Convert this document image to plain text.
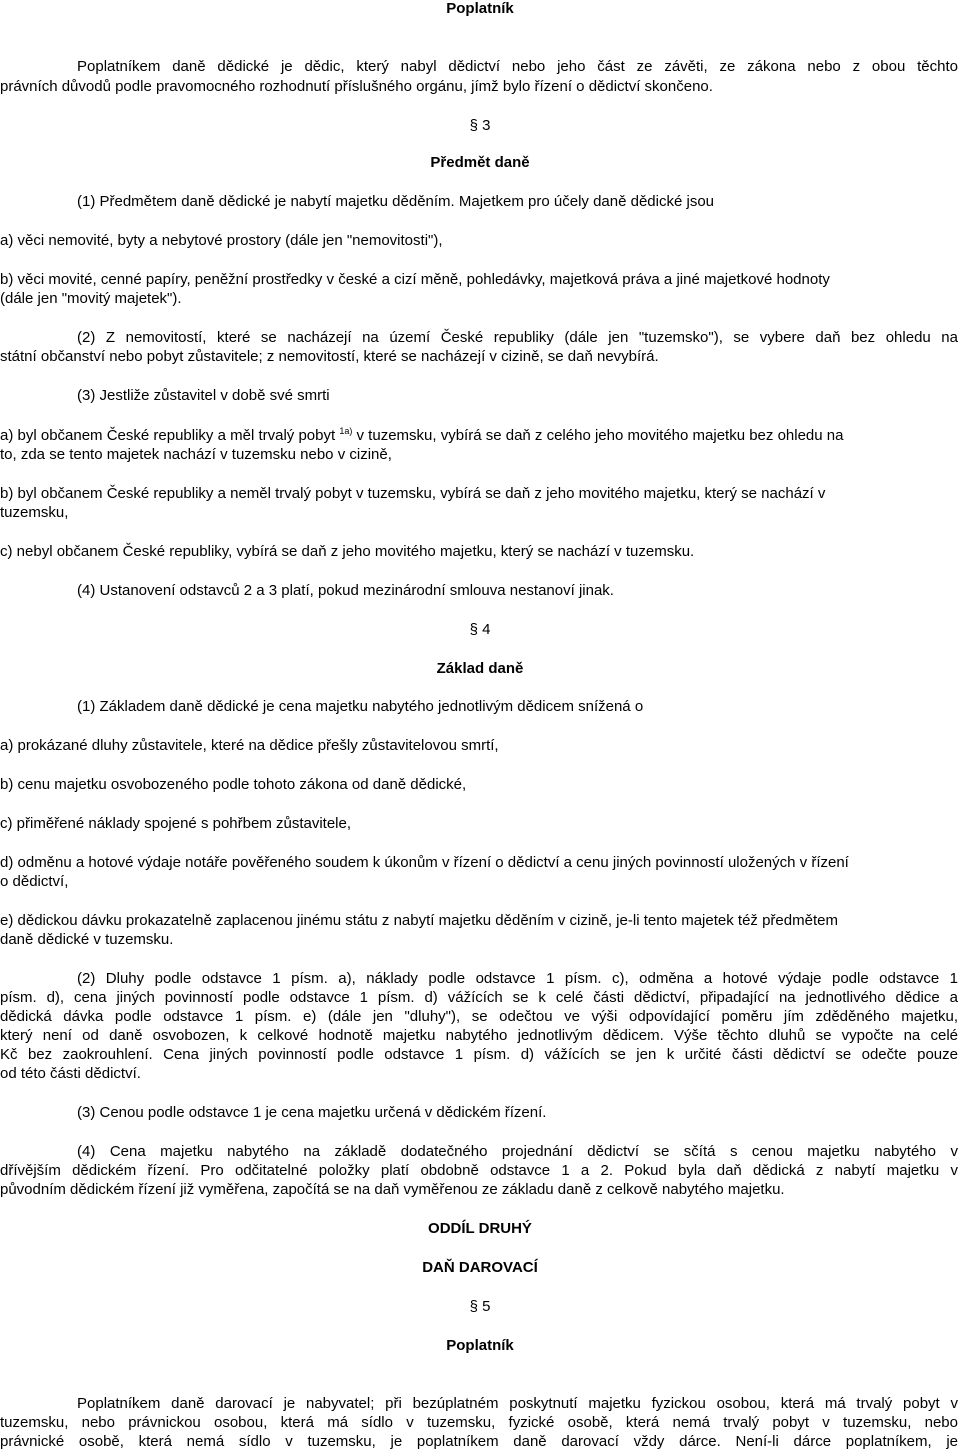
Poplatník
Poplatníkem daně dědické je dědic, který nabyl dědictví nebo jeho část ze závěti, ze zákona nebo z obou těchto
právních důvodů podle pravomocného rozhodnutí příslušného orgánu, jímž bylo řízení o dědictví skončeno.
§ 3
Předmět daně
(1) Předmětem daně dědické je nabytí majetku děděním. Majetkem pro účely daně dědické jsou
a) věci nemovité, byty a nebytové prostory (dále jen "nemovitosti"),
b) věci movité, cenné papíry, peněžní prostředky v české a cizí měně, pohledávky, majetková práva a jiné majetkové hodnoty
(dále jen "movitý majetek").
(2) Z nemovitostí, které se nacházejí na území České republiky (dále jen "tuzemsko"), se vybere daň bez ohledu na
státní občanství nebo pobyt zůstavitele; z nemovitostí, které se nacházejí v cizině, se daň nevybírá.
(3) Jestliže zůstavitel v době své smrti
a) byl občanem České republiky a měl trvalý pobyt $^{1a)}$ v tuzemsku, vybírá se daň z celého jeho movitého majetku bez ohledu na
to, zda se tento majetek nachází v tuzemsku nebo v cizině,
b) byl občanem České republiky a neměl trvalý pobyt v tuzemsku, vybírá se daň z jeho movitého majetku, který se nachází v
tuzemsku,
c) nebyl občanem České republiky, vybírá se daň z jeho movitého majetku, který se nachází v tuzemsku.
(4) Ustanovení odstavců 2 a 3 platí, pokud mezinárodní smlouva nestanoví jinak.
§ 4
Základ daně
(1) Základem daně dědické je cena majetku nabytého jednotlivým dědicem snížená o
a) prokázané dluhy zůstavitele, které na dědice přešly zůstavitelovou smrtí,
b) cenu majetku osvobozeného podle tohoto zákona od daně dědické,
c) přiměřené náklady spojené s pohřbem zůstavitele,
d) odměnu a hotové výdaje notáře pověřeného soudem k úkonům v řízení o dědictví a cenu jiných povinností uložených v řízení
o dědictví,
e) dědickou dávku prokazatelně zaplacenou jinému státu z nabytí majetku děděním v cizině, je-li tento majetek též předmětem
daně dědické v tuzemsku.
(2) Dluhy podle odstavce 1 písm. a), náklady podle odstavce 1 písm. c), odměna a hotové výdaje podle odstavce 1
písm. d), cena jiných povinností podle odstavce 1 písm. d) vážících se k celé části dědictví, připadající na jednotlivého dědice a
dědická dávka podle odstavce 1 písm. e) (dále jen "dluhy"), se odečtou ve výši odpovídající poměru jím zděděného majetku,
který není od daně osvobozen, k celkové hodnotě majetku nabytého jednotlivým dědicem. Výše těchto dluhů se vypočte na celé
Kč bez zaokrouhlení. Cena jiných povinností podle odstavce 1 písm. d) vážících se jen k určité části dědictví se odečte pouze
od této části dědictví.
(3) Cenou podle odstavce 1 je cena majetku určená v dědickém řízení.
(4) Cena majetku nabytého na základě dodatečného projednání dědictví se sčítá s cenou majetku nabytého v
dřívějším dědickém řízení. Pro odčitatelné položky platí obdobně odstavce 1 a 2. Pokud byla daň dědická z nabytí majetku v
původním dědickém řízení již vyměřena, započítá se na daň vyměřenou ze základu daně z celkově nabytého majetku.
ODDÍL DRUHÝ
DAŇ DAROVACÍ
§ 5
Poplatník
Poplatníkem daně darovací je nabyvatel; při bezúplatném poskytnutí majetku fyzickou osobou, která má trvalý pobyt v
tuzemsku, nebo právnickou osobou, která má sídlo v tuzemsku, fyzické osobě, která nemá trvalý pobyt v tuzemsku, nebo
právnické osobě, která nemá sídlo v tuzemsku, je poplatníkem daně darovací vždy dárce. Není-li dárce poplatníkem, je
